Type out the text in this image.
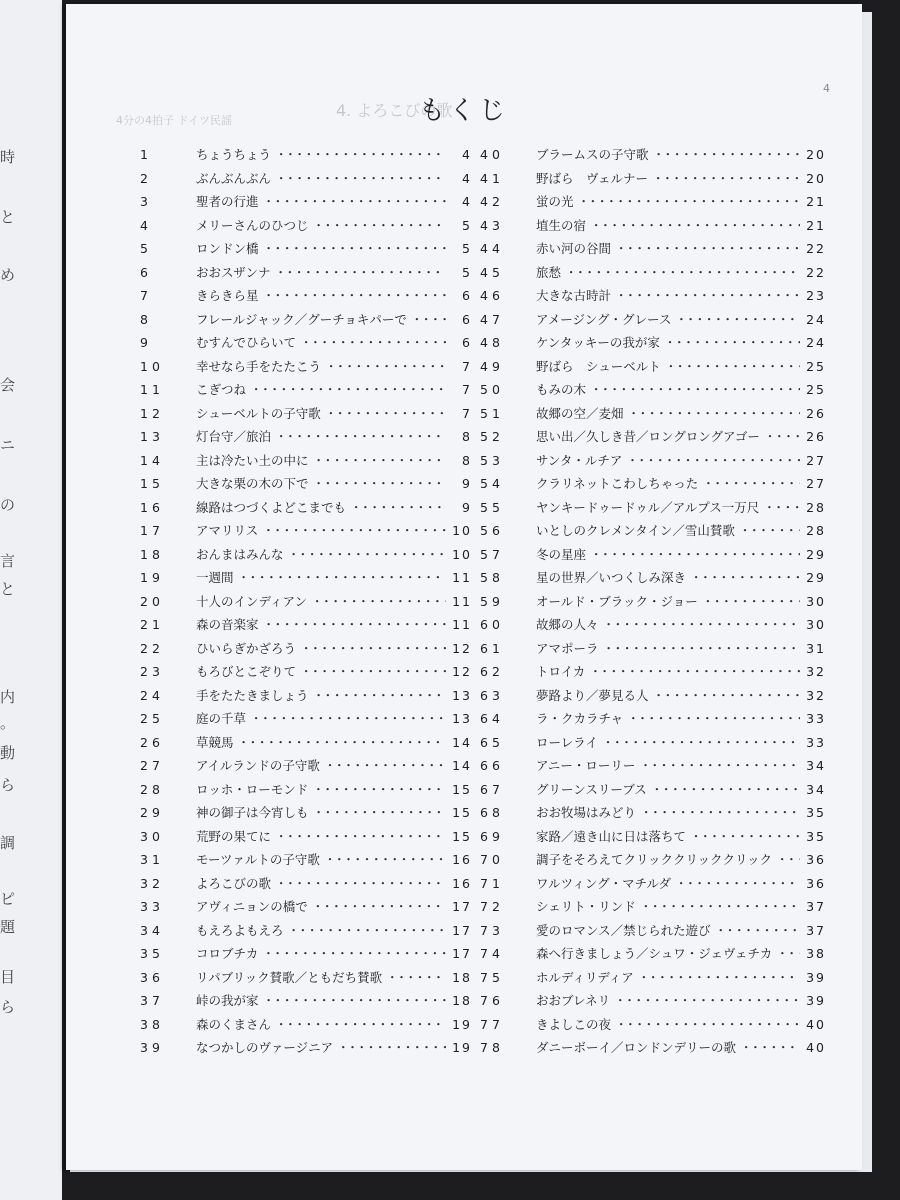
時
と
め
会
ニ
の
言
と
内
。
動
ら
調
ピ
題
目
ら
4
4. よろこびの歌
4分の4拍子 ドイツ民謡	もくじ
1	ちょうちょう ･･････････････････････････････････････････････････････････････････	4
2	ぶんぶんぶん ･･････････････････････････････････････････････････････････････････	4
3	聖者の行進 ･･････････････････････････････････････････････････････････････････	4
4	メリーさんのひつじ ･･････････････････････････････････････････････････････････････････	5
5	ロンドン橋 ･･････････････････････････････････････････････････････････････････	5
6	おおスザンナ ･･････････････････････････････････････････････････････････････････	5
7	きらきら星 ･･････････････････････････････････････････････････････････････････	6
8	フレールジャック／グーチョキパーで ･･････････････････････････････････････････････････････････････････	6
9	むすんでひらいて ･･････････････････････････････････････････････････････････････････	6
10	幸せなら手をたたこう ･･････････････････････････････････････････････････････････････････	7
11	こぎつね ･･････････････････････････････････････････････････････････････････	7
12	シューベルトの子守歌 ･･････････････････････････････････････････････････････････････････	7
13	灯台守／旅泊 ･･････････････････････････････････････････････････････････････････	8
14	主は冷たい土の中に ･･････････････････････････････････････････････････････････････････	8
15	大きな栗の木の下で ･･････････････････････････････････････････････････････････････････	9
16	線路はつづくよどこまでも ･･････････････････････････････････････････････････････････････････	9
17	アマリリス ･･････････････････････････････････････････････････････････････････	10
18	おんまはみんな ･･････････････････････････････････････････････････････････････････	10
19	一週間 ･･････････････････････････････････････････････････････････････････	11
20	十人のインディアン ･･････････････････････････････････････････････････････････････････	11
21	森の音楽家 ･･････････････････････････････････････････････････････････････････	11
22	ひいらぎかざろう ･･････････････････････････････････････････････････････････････････	12
23	もろびとこぞりて ･･････････････････････････････････････････････････････････････････	12
24	手をたたきましょう ･･････････････････････････････････････････････････････････････････	13
25	庭の千草 ･･････････････････････････････････････････････････････････････････	13
26	草競馬 ･･････････････････････････････････････････････････････････････････	14
27	アイルランドの子守歌 ･･････････････････････････････････････････････････････････････････	14
28	ロッホ・ローモンド ･･････････････････････････････････････････････････････････････････	15
29	神の御子は今宵しも ･･････････････････････････････････････････････････････････････････	15
30	荒野の果てに ･･････････････････････････････････････････････････････････････････	15
31	モーツァルトの子守歌 ･･････････････････････････････････････････････････････････････････	16
32	よろこびの歌 ･･････････････････････････････････････････････････････････････････	16
33	アヴィニョンの橋で ･･････････････････････････････････････････････････････････････････	17
34	もえろよもえろ ･･････････････････････････････････････････････････････････････････	17
35	コロブチカ ･･････････････････････････････････････････････････････････････････	17
36	リパブリック賛歌／ともだち賛歌 ･･････････････････････････････････････････････････････････････････	18
37	峠の我が家 ･･････････････････････････････････････････････････････････････････	18
38	森のくまさん ･･････････････････････････････････････････････････････････････････	19
39	なつかしのヴァージニア ･･････････････････････････････････････････････････････････････････	19
40	ブラームスの子守歌 ･･････････････････････････････････････････････････････････････････	20
41	野ばら　ヴェルナー ･･････････････････････････････････････････････････････････････････	20
42	蛍の光 ･･････････････････････････････････････････････････････････････････	21
43	埴生の宿 ･･････････････････････････････････････････････････････････････････	21
44	赤い河の谷間 ･･････････････････････････････････････････････････････････････････	22
45	旅愁 ･･････････････････････････････････････････････････････････････････	22
46	大きな古時計 ･･････････････････････････････････････････････････････････････････	23
47	アメージング・グレース ･･････････････････････････････････････････････････････････････････	24
48	ケンタッキーの我が家 ･･････････････････････････････････････････････････････････････････	24
49	野ばら　シューベルト ･･････････････････････････････････････････････････････････････････	25
50	もみの木 ･･････････････････････････････････････････････････････････････････	25
51	故郷の空／麦畑 ･･････････････････････････････････････････････････････････････････	26
52	思い出／久しき昔／ロングロングアゴー ･･････････････････････････････････････････････････････････････････	26
53	サンタ・ルチア ･･････････････････････････････････････････････････････････････････	27
54	クラリネットこわしちゃった ･･････････････････････････････････････････････････････････････････	27
55	ヤンキードゥードゥル／アルプス一万尺 ･･････････････････････････････････････････････････････････････････	28
56	いとしのクレメンタイン／雪山賛歌 ･･････････････････････････････････････････････････････････････････	28
57	冬の星座 ･･････････････････････････････････････････････････････････････････	29
58	星の世界／いつくしみ深き ･･････････････････････････････････････････････････････････････････	29
59	オールド・ブラック・ジョー ･･････････････････････････････････････････････････････････････････	30
60	故郷の人々 ･･････････････････････････････････････････････････････････････････	30
61	アマポーラ ･･････････････････････････････････････････････････････････････････	31
62	トロイカ ･･････････････････････････････････････････････････････････････････	32
63	夢路より／夢見る人 ･･････････････････････････････････････････････････････････････････	32
64	ラ・クカラチャ ･･････････････････････････････････････････････････････････････････	33
65	ローレライ ･･････････････････････････････････････････････････････････････････	33
66	アニー・ローリー ･･････････････････････････････････････････････････････････････････	34
67	グリーンスリーブス ･･････････････････････････････････････････････････････････････････	34
68	おお牧場はみどり ･･････････････････････････････････････････････････････････････････	35
69	家路／遠き山に日は落ちて ･･････････････････････････････････････････････････････････････････	35
70	調子をそろえてクリッククリッククリック ･･････････････････････････････････････････････････････････････････	36
71	ワルツィング・マチルダ ･･････････････････････････････････････････････････････････････････	36
72	シェリト・リンド ･･････････････････････････････････････････････････････････････････	37
73	愛のロマンス／禁じられた遊び ･･････････････････････････････････････････････････････････････････	37
74	森へ行きましょう／シュワ・ジェヴェチカ ･･････････････････････････････････････････････････････････････････	38
75	ホルディリディア ･･････････････････････････････････････････････････････････････････	39
76	おおブレネリ ･･････････････････････････････････････････････････････････････････	39
77	きよしこの夜 ･･････････････････････････････････････････････････････････････････	40
78	ダニーボーイ／ロンドンデリーの歌 ･･････････････････････････････････････････････････････････････････	40
